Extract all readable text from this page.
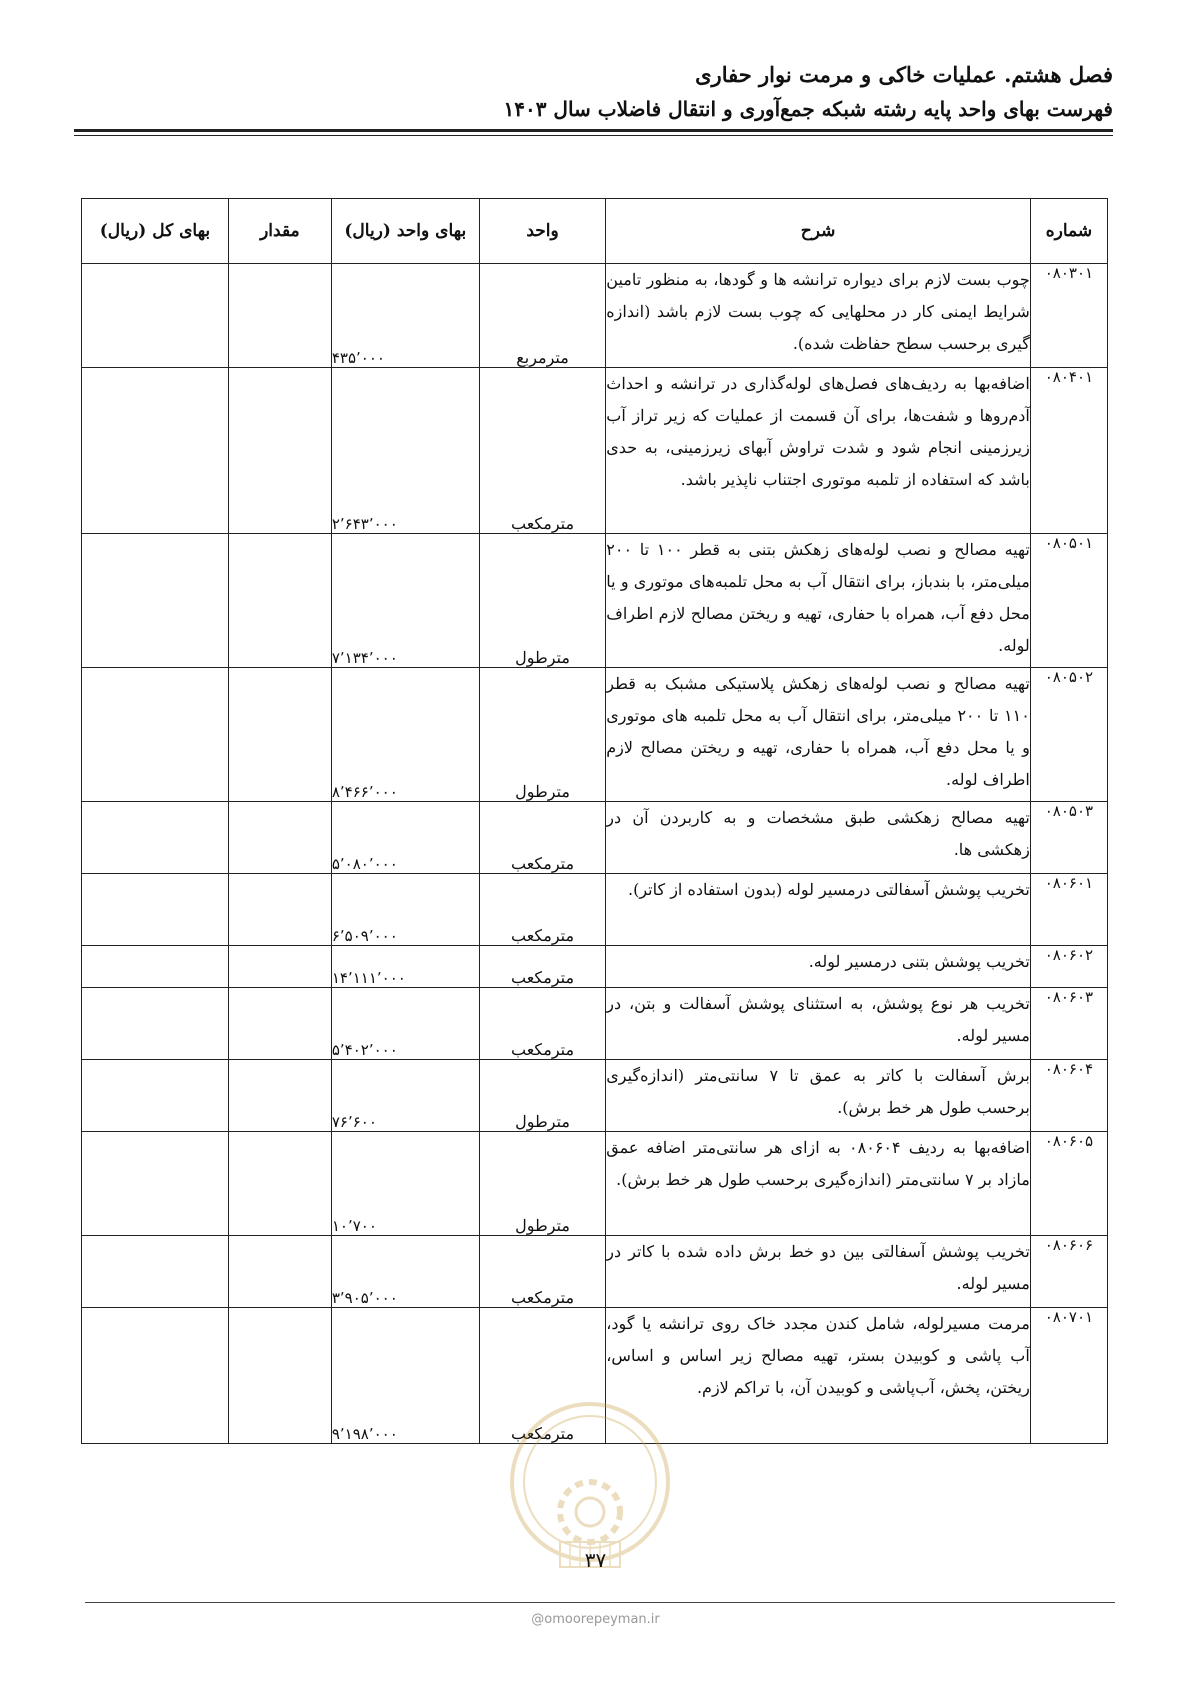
فصل هشتم. عملیات خاکی و مرمت نوار حفاری
فهرست بهای واحد پایه رشته شبکه جمع‌آوری و انتقال فاضلاب سال ۱۴۰۳
شماره	شرح	واحد	بهای واحد (ریال)	مقدار	بهای کل (ریال)
۰۸۰۳۰۱	چوب بست لازم برای دیواره ترانشه ها و گودها، به منظور تامین شرایط ایمنی کار در محلهایی که چوب بست لازم باشد (اندازه گیری برحسب سطح حفاظت شده).	مترمربع	۴۳۵٬۰۰۰		
۰۸۰۴۰۱	اضافه‌بها به ردیف‌های فصل‌های لوله‌گذاری در ترانشه و احداث آدم‌روها و شفت‌ها، برای آن قسمت از عملیات که زیر تراز آب زیرزمینی انجام شود و شدت تراوش آبهای زیرزمینی، به حدی باشد که استفاده از تلمبه موتوری اجتناب ناپذیر باشد.	مترمکعب	۲٬۶۴۳٬۰۰۰		
۰۸۰۵۰۱	تهیه مصالح و نصب لوله‌های زهکش بتنی به قطر ۱۰۰ تا ۲۰۰ میلی‌متر، با بندباز، برای انتقال آب به محل تلمبه‌های موتوری و یا محل دفع آب، همراه با حفاری، تهیه و ریختن مصالح لازم اطراف لوله.	مترطول	۷٬۱۳۴٬۰۰۰		
۰۸۰۵۰۲	تهیه مصالح و نصب لوله‌های زهکش پلاستیکی مشبک به قطر ۱۱۰ تا ۲۰۰ میلی‌متر، برای انتقال آب به محل تلمبه های موتوری و یا محل دفع آب، همراه با حفاری، تهیه و ریختن مصالح لازم اطراف لوله.	مترطول	۸٬۴۶۶٬۰۰۰		
۰۸۰۵۰۳	تهیه مصالح زهکشی طبق مشخصات و به کاربردن آن در زهکشی ها.	مترمکعب	۵٬۰۸۰٬۰۰۰		
۰۸۰۶۰۱	تخریب پوشش آسفالتی درمسیر لوله (بدون استفاده از کاتر).	مترمکعب	۶٬۵۰۹٬۰۰۰		
۰۸۰۶۰۲	تخریب پوشش بتنی درمسیر لوله.	مترمکعب	۱۴٬۱۱۱٬۰۰۰		
۰۸۰۶۰۳	تخریب هر نوع پوشش، به استثنای پوشش آسفالت و بتن، در مسیر لوله.	مترمکعب	۵٬۴۰۲٬۰۰۰		
۰۸۰۶۰۴	برش آسفالت با کاتر به عمق تا ۷ سانتی‌متر (اندازه‌گیری برحسب طول هر خط برش).	مترطول	۷۶٬۶۰۰		
۰۸۰۶۰۵	اضافه‌بها به ردیف ۰۸۰۶۰۴ به ازای هر سانتی‌متر اضافه عمق مازاد بر ۷ سانتی‌متر (اندازه‌گیری برحسب طول هر خط برش).	مترطول	۱۰٬۷۰۰		
۰۸۰۶۰۶	تخریب پوشش آسفالتی بین دو خط برش داده شده با کاتر در مسیر لوله.	مترمکعب	۳٬۹۰۵٬۰۰۰		
۰۸۰۷۰۱	مرمت مسیرلوله، شامل کندن مجدد خاک روی ترانشه یا گود، آب پاشی و کوبیدن بستر، تهیه مصالح زیر اساس و اساس، ریختن، پخش، آب‌پاشی و کوبیدن آن، با تراکم لازم.	مترمکعب	۹٬۱۹۸٬۰۰۰		
۳۷
@omoorepeyman.ir
